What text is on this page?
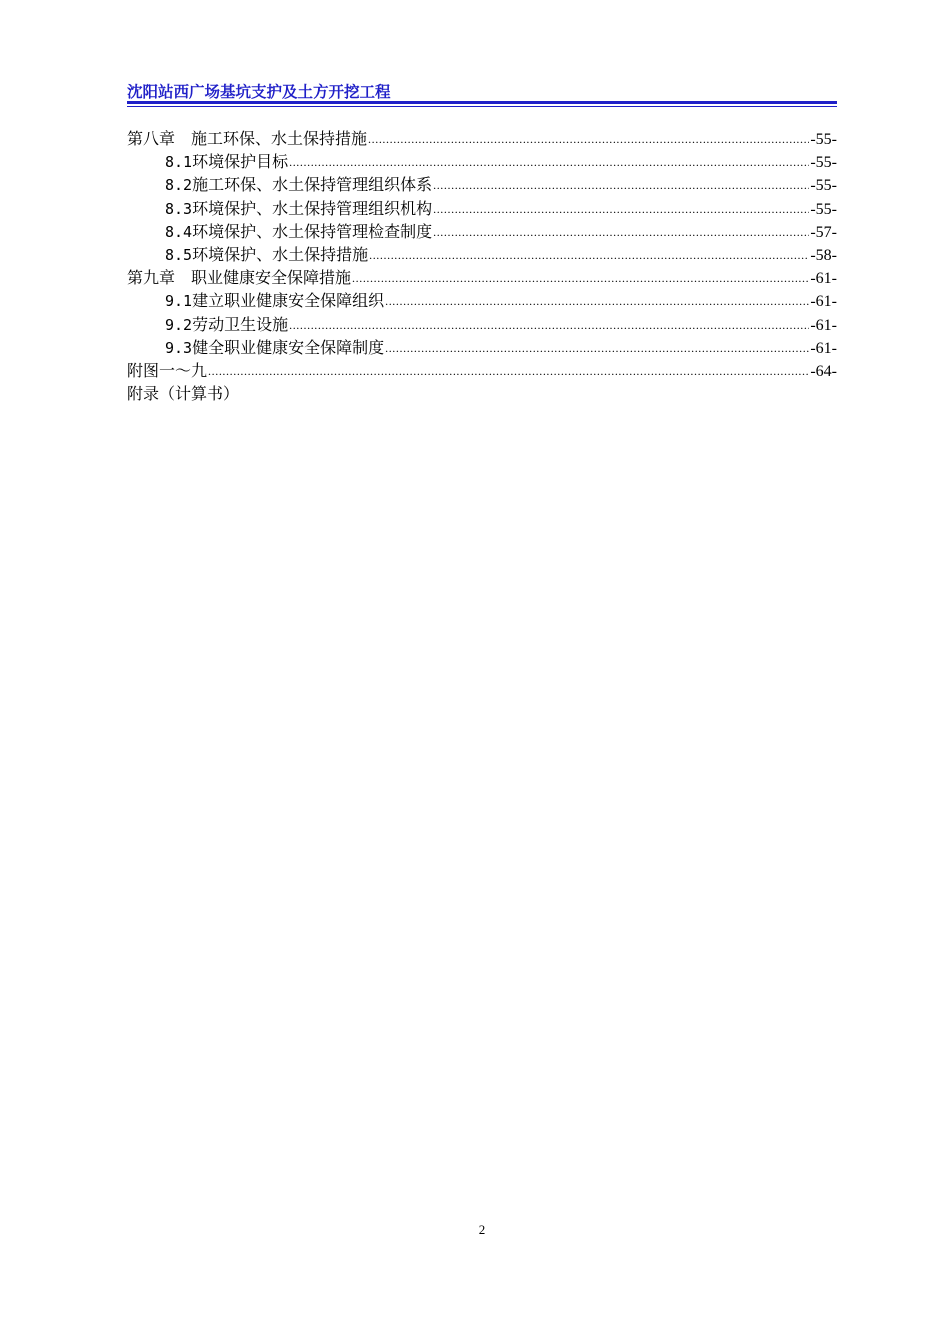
沈阳站西广场基坑支护及土方开挖工程
第八章　施工环保、水土保持措施 .....	-55-
8.1环境保护目标 .....	-55-
8.2施工环保、水土保持管理组织体系 .....	-55-
8.3环境保护、水土保持管理组织机构 .....	-55-
8.4环境保护、水土保持管理检查制度 .....	-57-
8.5环境保护、水土保持措施 .....	-58-
第九章　职业健康安全保障措施 .....	-61-
9.1建立职业健康安全保障组织 .....	-61-
9.2劳动卫生设施 .....	-61-
9.3健全职业健康安全保障制度 .....	-61-
附图一～九 .....	-64-
附录（计算书）
2
